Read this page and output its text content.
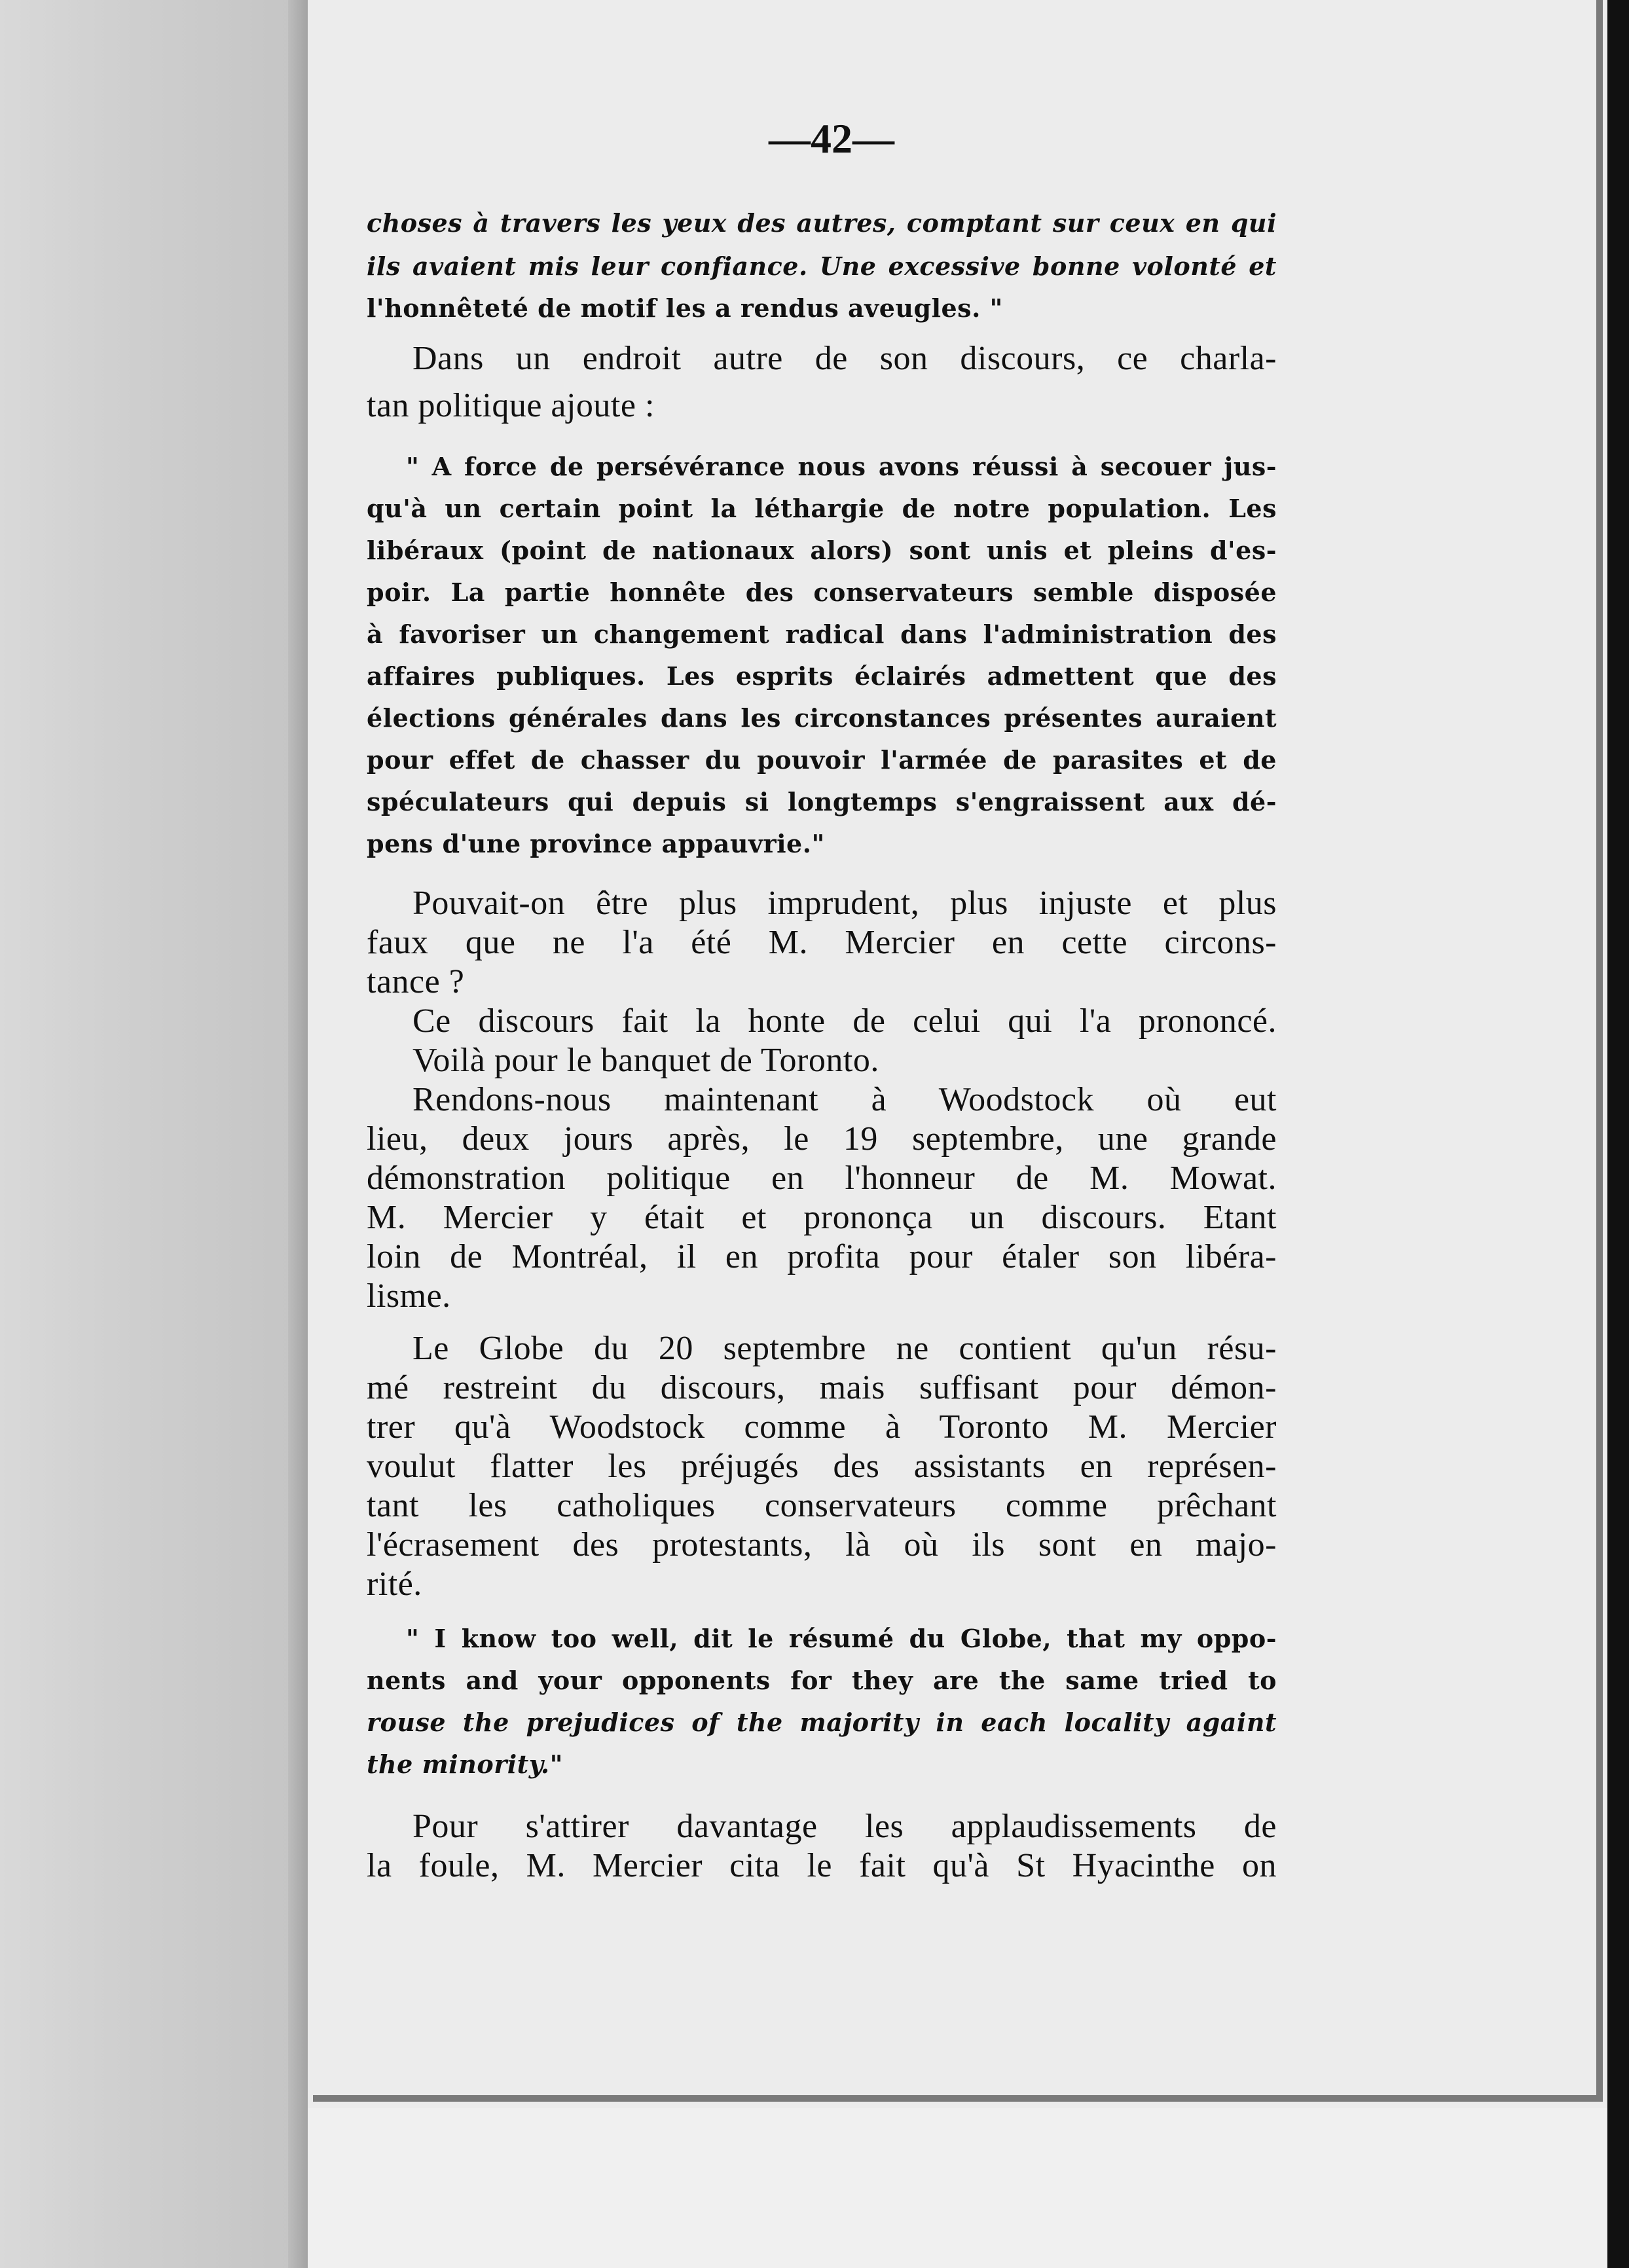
—42—
choses à travers les yeux des autres, comptant sur ceux en qui
ils avaient mis leur confiance. Une excessive bonne volonté et
l'honnêteté de motif les a rendus aveugles. "
Dans un endroit autre de son discours, ce charla-
tan politique ajoute :
" A force de persévérance nous avons réussi à secouer jus-
qu'à un certain point la léthargie de notre population. Les
libéraux (point de nationaux alors) sont unis et pleins d'es-
poir. La partie honnête des conservateurs semble disposée
à favoriser un changement radical dans l'administration des
affaires publiques. Les esprits éclairés admettent que des
élections générales dans les circonstances présentes auraient
pour effet de chasser du pouvoir l'armée de parasites et de
spéculateurs qui depuis si longtemps s'engraissent aux dé-
pens d'une province appauvrie."
Pouvait-on être plus imprudent, plus injuste et plus
faux que ne l'a été M. Mercier en cette circons-
tance ?
Ce discours fait la honte de celui qui l'a prononcé.
Voilà pour le banquet de Toronto.
Rendons-nous maintenant à Woodstock où eut
lieu, deux jours après, le 19 septembre, une grande
démonstration politique en l'honneur de M. Mowat.
M. Mercier y était et prononça un discours. Etant
loin de Montréal, il en profita pour étaler son libéra-
lisme.
Le Globe du 20 septembre ne contient qu'un résu-
mé restreint du discours, mais suffisant pour démon-
trer qu'à Woodstock comme à Toronto M. Mercier
voulut flatter les préjugés des assistants en représen-
tant les catholiques conservateurs comme prêchant
l'écrasement des protestants, là où ils sont en majo-
rité.
" I know too well, dit le résumé du Globe, that my oppo-
nents and your opponents for they are the same tried to
rouse the prejudices of the majority in each locality againt
the minority."
Pour s'attirer davantage les applaudissements de
la foule, M. Mercier cita le fait qu'à St Hyacinthe on
